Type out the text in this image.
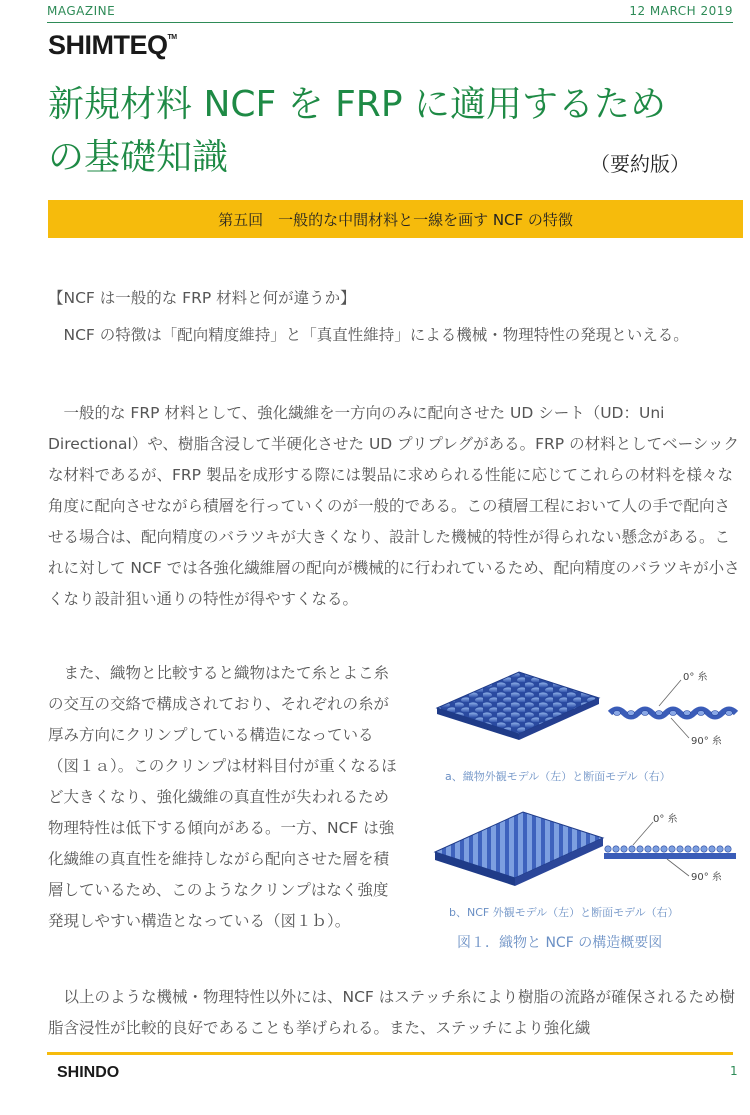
MAGAZINE	12 MARCH 2019
SHIMTEQ™
新規材料 NCF を FRP に適用するため
の基礎知識	（要約版）
第五回　一般的な中間材料と一線を画す NCF の特徴

【NCF は一般的な FRP 材料と何が違うか】

NCF の特徴は「配向精度維持」と「真直性維持」による機械・物理特性の発現といえる。

一般的な FRP 材料として、強化繊維を一方向のみに配向させた UD シート（UD：Uni Directional）や、樹脂含浸して半硬化させた UD プリプレグがある。FRP の材料としてベーシックな材料であるが、FRP 製品を成形する際には製品に求められる性能に応じてこれらの材料を様々な角度に配向させながら積層を行っていくのが一般的である。この積層工程において人の手で配向させる場合は、配向精度のバラツキが大きくなり、設計した機械的特性が得られない懸念がある。これに対して NCF では各強化繊維層の配向が機械的に行われているため、配向精度のバラツキが小さくなり設計狙い通りの特性が得やすくなる。

また、織物と比較すると織物はたて糸とよこ糸の交互の交絡で構成されており、それぞれの糸が厚み方向にクリンプしている構造になっている（図１ａ）。このクリンプは材料目付が重くなるほど大きくなり、強化繊維の真直性が失われるため物理特性は低下する傾向がある。一方、NCF は強化繊維の真直性を維持しながら配向させた層を積層しているため、このようなクリンプはなく強度発現しやすい構造となっている（図１ｂ）。

以上のような機械・物理特性以外には、NCF はステッチ糸により樹脂の流路が確保されるため樹脂含浸性が比較的良好であることも挙げられる。また、ステッチにより強化繊

0° 糸
90° 糸
0° 糸
90° 糸
a、織物外観モデル（左）と断面モデル（右）
b、NCF 外観モデル（左）と断面モデル（右）
図１．織物と NCF の構造概要図
SHINDO	1
